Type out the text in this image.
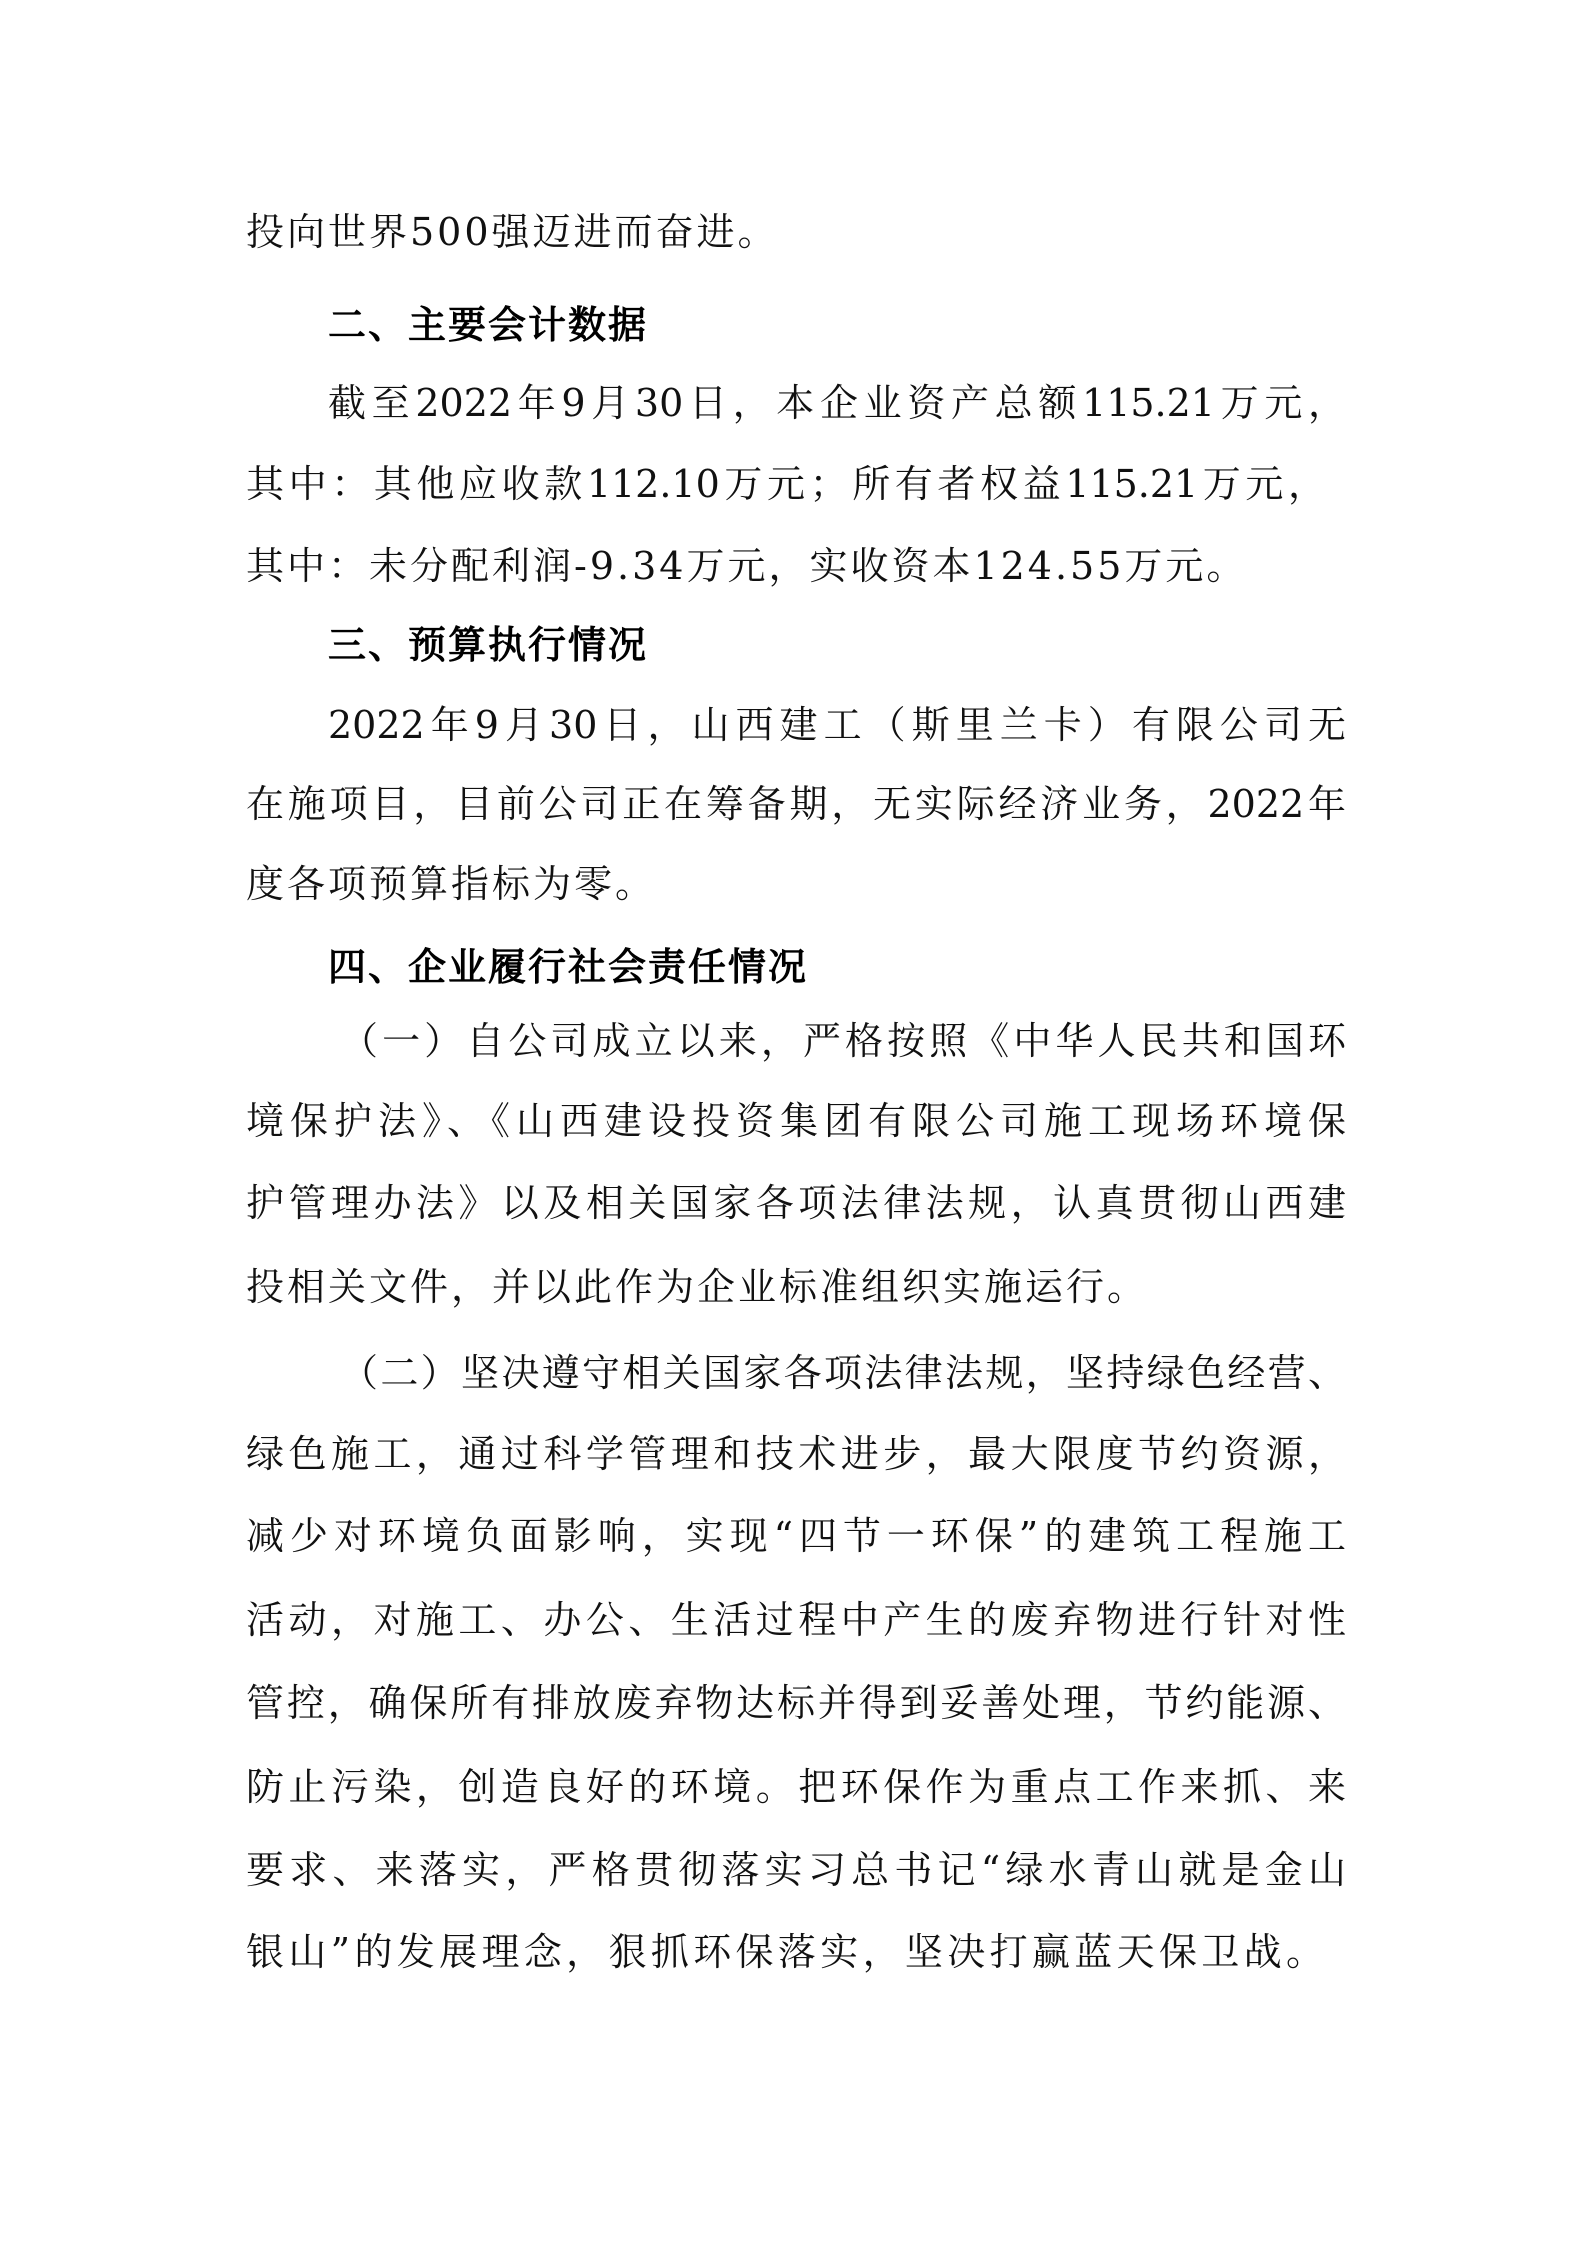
投向世界500强迈进而奋进。
二、主要会计数据
截至2022年9月30日，本企业资产总额115.21万元，
其中：其他应收款112.10万元；所有者权益115.21万元，
其中：未分配利润-9.34万元，实收资本124.55万元。
三、预算执行情况
2022年9月30日，山西建工（斯里兰卡）有限公司无
在施项目，目前公司正在筹备期，无实际经济业务，2022年
度各项预算指标为零。
四、企业履行社会责任情况
（一）自公司成立以来，严格按照《中华人民共和国环
境保护法》、《山西建设投资集团有限公司施工现场环境保
护管理办法》以及相关国家各项法律法规，认真贯彻山西建
投相关文件，并以此作为企业标准组织实施运行。
（二）坚决遵守相关国家各项法律法规，坚持绿色经营、
绿色施工，通过科学管理和技术进步，最大限度节约资源，
减少对环境负面影响，实现“四节一环保”的建筑工程施工
活动，对施工、办公、生活过程中产生的废弃物进行针对性
管控，确保所有排放废弃物达标并得到妥善处理，节约能源、
防止污染，创造良好的环境。把环保作为重点工作来抓、来
要求、来落实，严格贯彻落实习总书记“绿水青山就是金山
银山”的发展理念，狠抓环保落实，坚决打赢蓝天保卫战。
